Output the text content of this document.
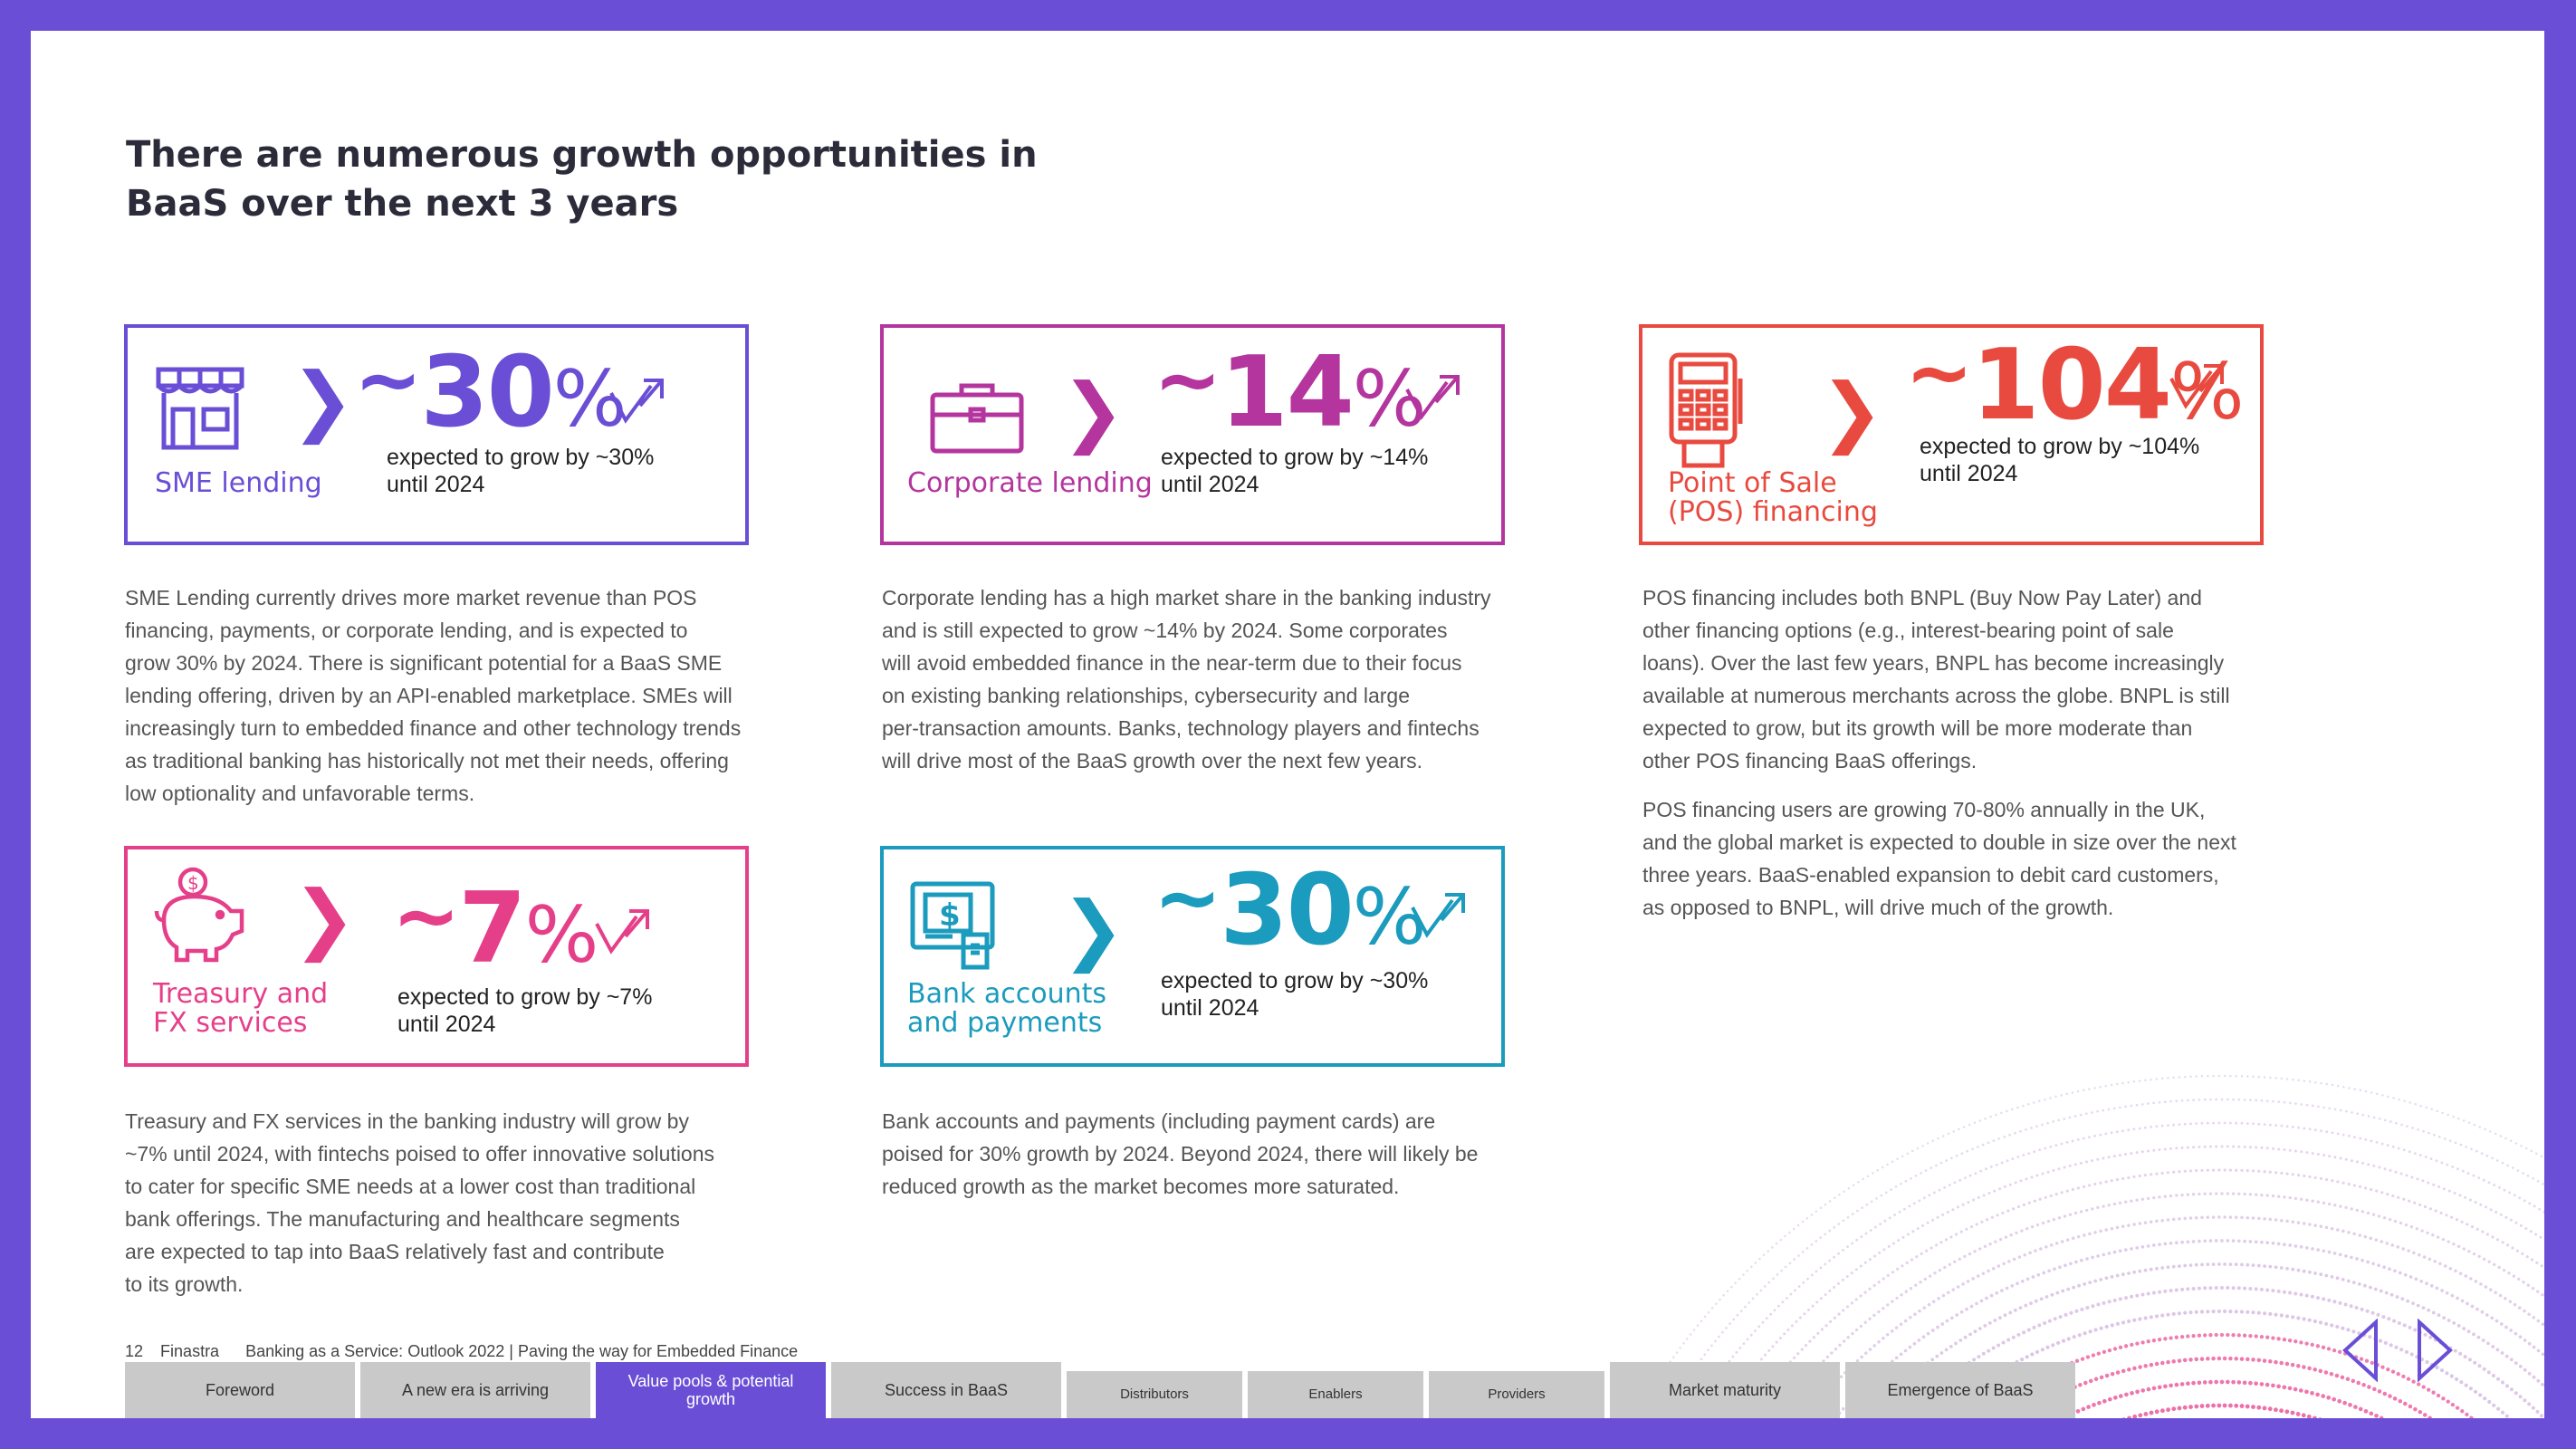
There are numerous growth opportunities in BaaS over the next 3 years
❯ ~30%
expected to grow by ~30%
until 2024
SME lending
❯ ~14%
expected to grow by ~14%
until 2024
Corporate lending
❯ ~104%
expected to grow by ~104%
until 2024
Point of Sale
(POS) financing
$ ❯ ~7%
expected to grow by ~7%
until 2024
Treasury and
FX services
$ ❯ ~30%
expected to grow by ~30%
until 2024
Bank accounts
and payments
SME Lending currently drives more market revenue than POS
financing, payments, or corporate lending, and is expected to
grow 30% by 2024. There is significant potential for a BaaS SME
lending offering, driven by an API-enabled marketplace. SMEs will
increasingly turn to embedded finance and other technology trends
as traditional banking has historically not met their needs, offering
low optionality and unfavorable terms.
Corporate lending has a high market share in the banking industry
and is still expected to grow ~14% by 2024. Some corporates
will avoid embedded finance in the near-term due to their focus
on existing banking relationships, cybersecurity and large
per-transaction amounts. Banks, technology players and fintechs
will drive most of the BaaS growth over the next few years.
POS financing includes both BNPL (Buy Now Pay Later) and
other financing options (e.g., interest-bearing point of sale
loans). Over the last few years, BNPL has become increasingly
available at numerous merchants across the globe. BNPL is still
expected to grow, but its growth will be more moderate than
other POS financing BaaS offerings.
POS financing users are growing 70-80% annually in the UK,
and the global market is expected to double in size over the next
three years. BaaS-enabled expansion to debit card customers,
as opposed to BNPL, will drive much of the growth.
Treasury and FX services in the banking industry will grow by
~7% until 2024, with fintechs poised to offer innovative solutions
to cater for specific SME needs at a lower cost than traditional
bank offerings. The manufacturing and healthcare segments
are expected to tap into BaaS relatively fast and contribute
to its growth.
Bank accounts and payments (including payment cards) are
poised for 30% growth by 2024. Beyond 2024, there will likely be
reduced growth as the market becomes more saturated.
12 Finastra Banking as a Service: Outlook 2022 | Paving the way for Embedded Finance
Foreword	A new era is arriving	Value pools & potential growth	Success in BaaS	Distributors	Enablers	Providers	Market maturity	Emergence of BaaS
